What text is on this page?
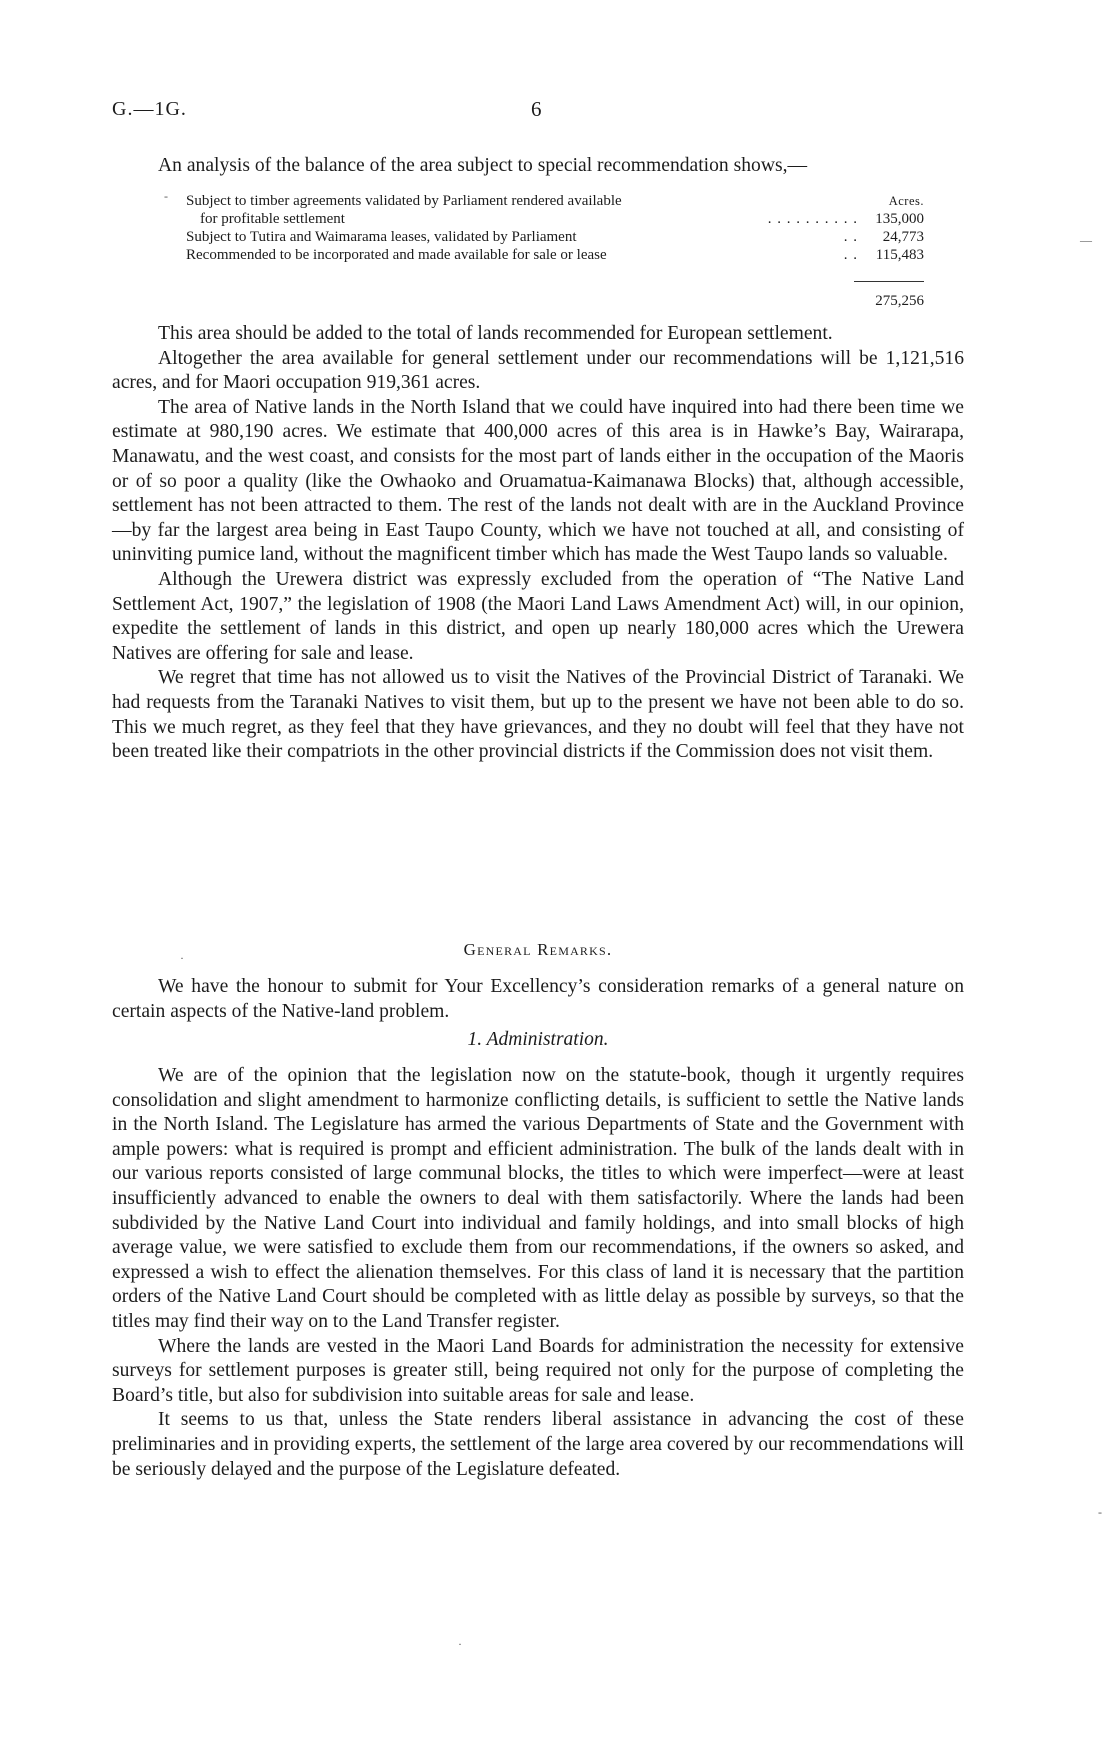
G.—1G.	6

An analysis of the balance of the area subject to special recommendation shows,—

Subject to timber agreements validated by Parliament rendered available	Acres.
for profitable settlement	. . . . . . . . . . 135,000
Subject to Tutira and Waimarama leases, validated by Parliament	. . 24,773
Recommended to be incorporated and made available for sale or lease	. . 115,483
275,256

This area should be added to the total of lands recommended for European settlement.

Altogether the area available for general settlement under our recommendations will be 1,121,516 acres, and for Maori occupation 919,361 acres.

The area of Native lands in the North Island that we could have inquired into had there been time we estimate at 980,190 acres. We estimate that 400,000 acres of this area is in Hawke’s Bay, Wairarapa, Manawatu, and the west coast, and consists for the most part of lands either in the occupation of the Maoris or of so poor a quality (like the Owhaoko and Oruamatua-Kaimanawa Blocks) that, although accessible, settlement has not been attracted to them. The rest of the lands not dealt with are in the Auckland Province—by far the largest area being in East Taupo County, which we have not touched at all, and consisting of uninviting pumice land, without the magnificent timber which has made the West Taupo lands so valuable.

Although the Urewera district was expressly excluded from the operation of “The Native Land Settlement Act, 1907,” the legislation of 1908 (the Maori Land Laws Amendment Act) will, in our opinion, expedite the settlement of lands in this district, and open up nearly 180,000 acres which the Urewera Natives are offering for sale and lease.

We regret that time has not allowed us to visit the Natives of the Provincial District of Taranaki. We had requests from the Taranaki Natives to visit them, but up to the present we have not been able to do so. This we much regret, as they feel that they have grievances, and they no doubt will feel that they have not been treated like their compatriots in the other provincial districts if the Commission does not visit them.

General Remarks.

We have the honour to submit for Your Excellency’s consideration remarks of a general nature on certain aspects of the Native-land problem.

1. Administration.

We are of the opinion that the legislation now on the statute-book, though it urgently requires consolidation and slight amendment to harmonize conflicting details, is sufficient to settle the Native lands in the North Island. The Legislature has armed the various Departments of State and the Government with ample powers: what is required is prompt and efficient administration. The bulk of the lands dealt with in our various reports consisted of large communal blocks, the titles to which were imperfect—were at least insufficiently advanced to enable the owners to deal with them satisfactorily. Where the lands had been subdivided by the Native Land Court into individual and family holdings, and into small blocks of high average value, we were satisfied to exclude them from our recommendations, if the owners so asked, and expressed a wish to effect the alienation themselves. For this class of land it is necessary that the partition orders of the Native Land Court should be completed with as little delay as possible by surveys, so that the titles may find their way on to the Land Transfer register.

Where the lands are vested in the Maori Land Boards for administration the necessity for extensive surveys for settlement purposes is greater still, being required not only for the purpose of completing the Board’s title, but also for subdivision into suitable areas for sale and lease.

It seems to us that, unless the State renders liberal assistance in advancing the cost of these preliminaries and in providing experts, the settlement of the large area covered by our recommendations will be seriously delayed and the purpose of the Legislature defeated.

—
-
·
-
·
